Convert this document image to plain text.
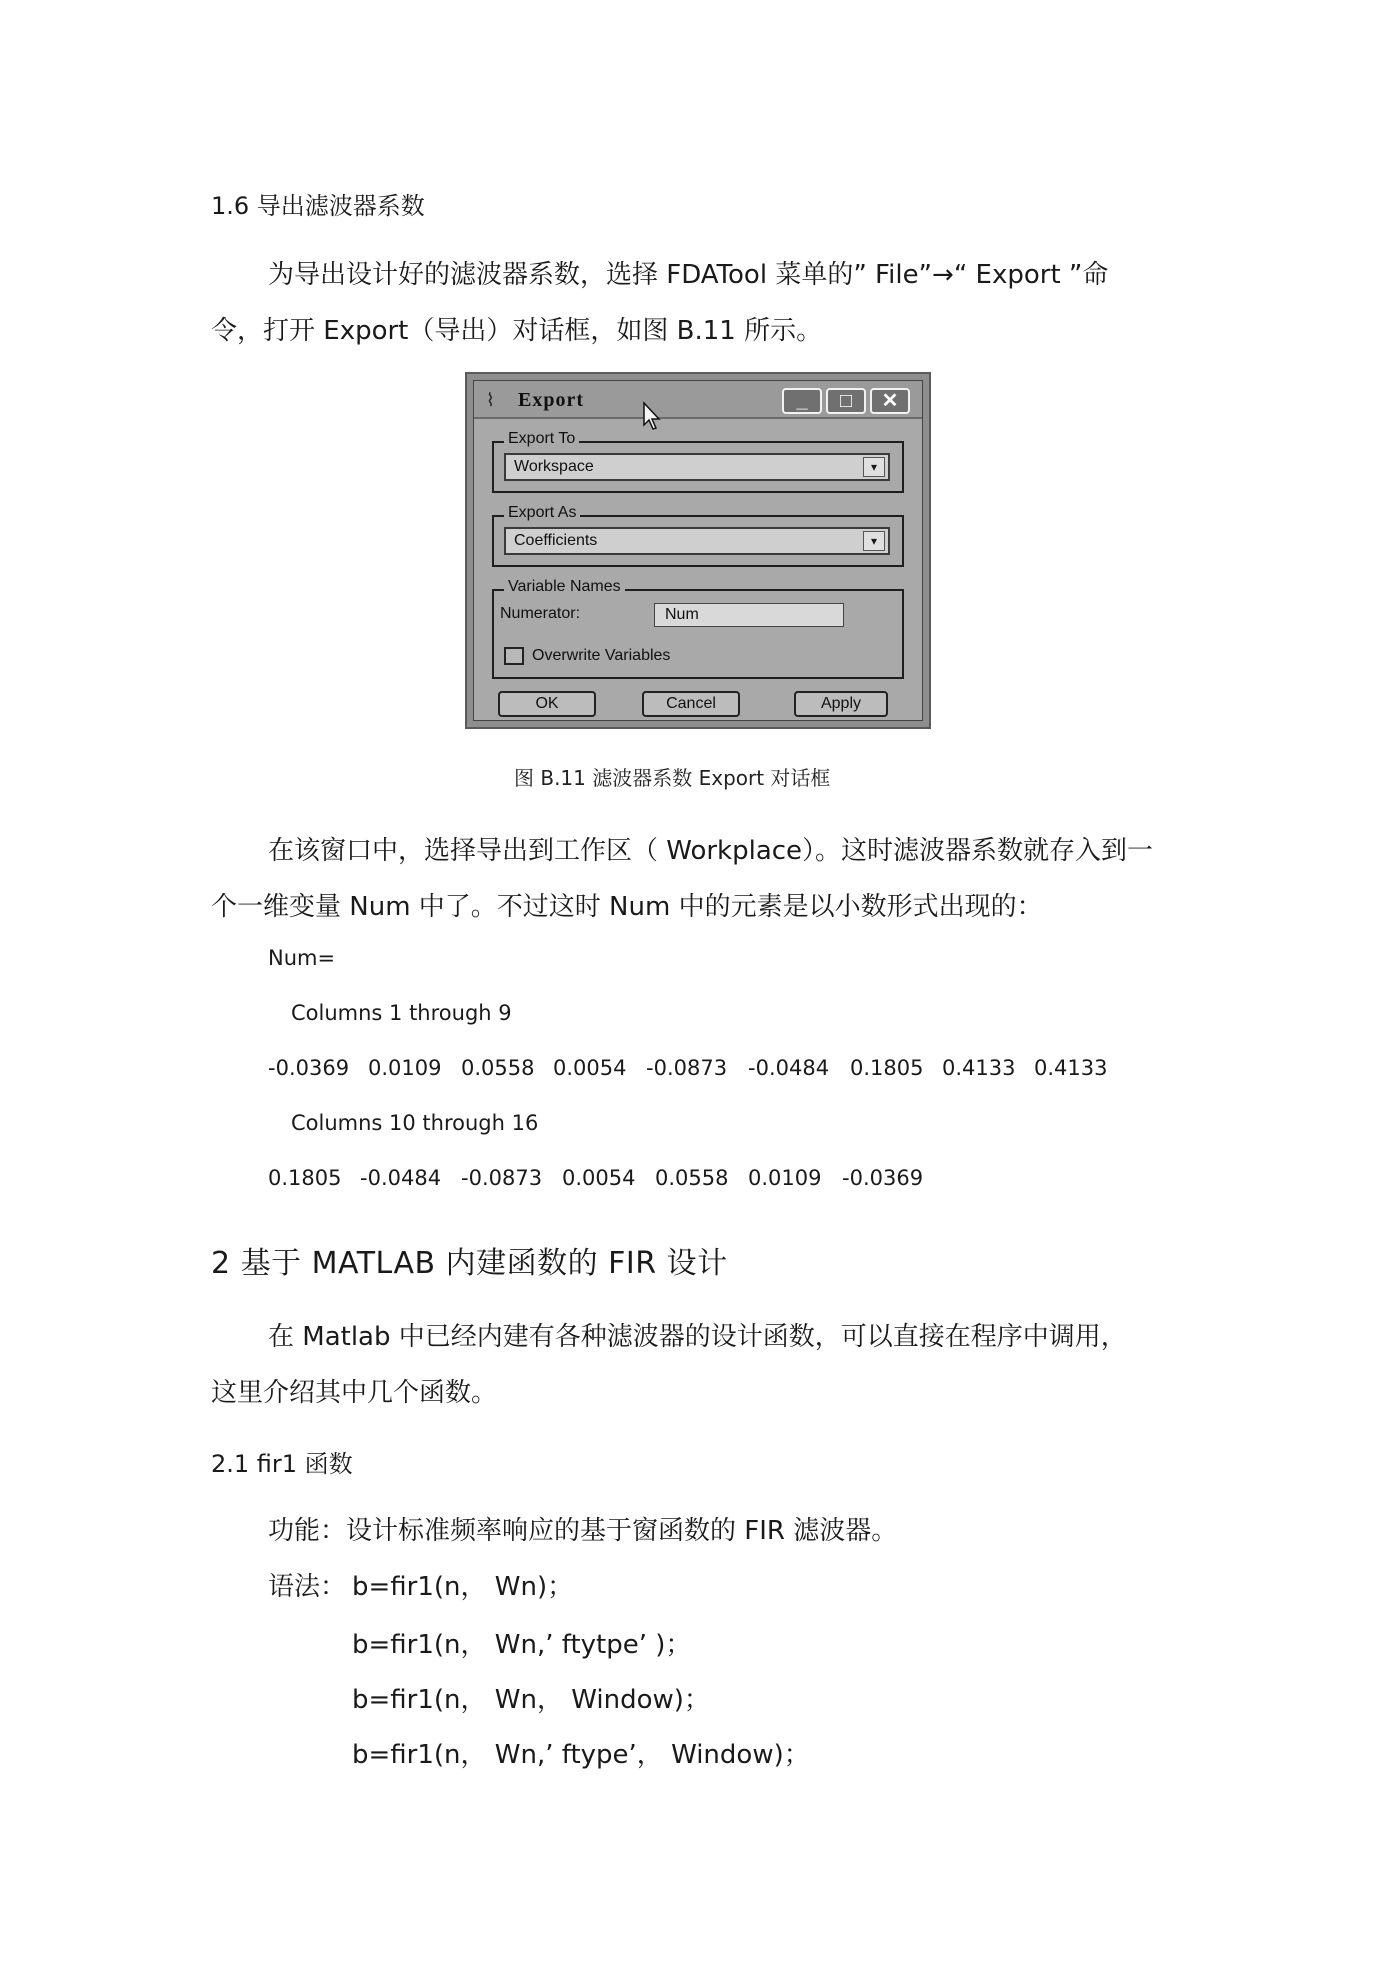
1.6 导出滤波器系数
为导出设计好的滤波器系数，选择 FDATool 菜单的” File”→“ Export ”命
令，打开 Export（导出）对话框，如图 B.11 所示。
⌇ Export	_	□	✕
Export To
Workspace	▾
Export As
Coefficients	▾
Variable Names
Numerator:	Num
Overwrite Variables
OK	Cancel	Apply
图 B.11 滤波器系数 Export 对话框
在该窗口中，选择导出到工作区（ Workplace）。这时滤波器系数就存入到一
个一维变量 Num 中了。不过这时 Num 中的元素是以小数形式出现的：
Num=
Columns 1 through 9
-0.0369 0.0109 0.0558 0.0054 -0.0873 -0.0484 0.1805 0.4133 0.4133
Columns 10 through 16
0.1805 -0.0484 -0.0873 0.0054 0.0558 0.0109 -0.0369
2 基于 MATLAB 内建函数的 FIR 设计
在 Matlab 中已经内建有各种滤波器的设计函数，可以直接在程序中调用，
这里介绍其中几个函数。
2.1 fir1 函数
功能：设计标准频率响应的基于窗函数的 FIR 滤波器。
语法： b=fir1(n， Wn)；
b=fir1(n， Wn,’ ftytpe’ )；
b=fir1(n， Wn， Window)；
b=fir1(n， Wn,’ ftype’， Window)；
